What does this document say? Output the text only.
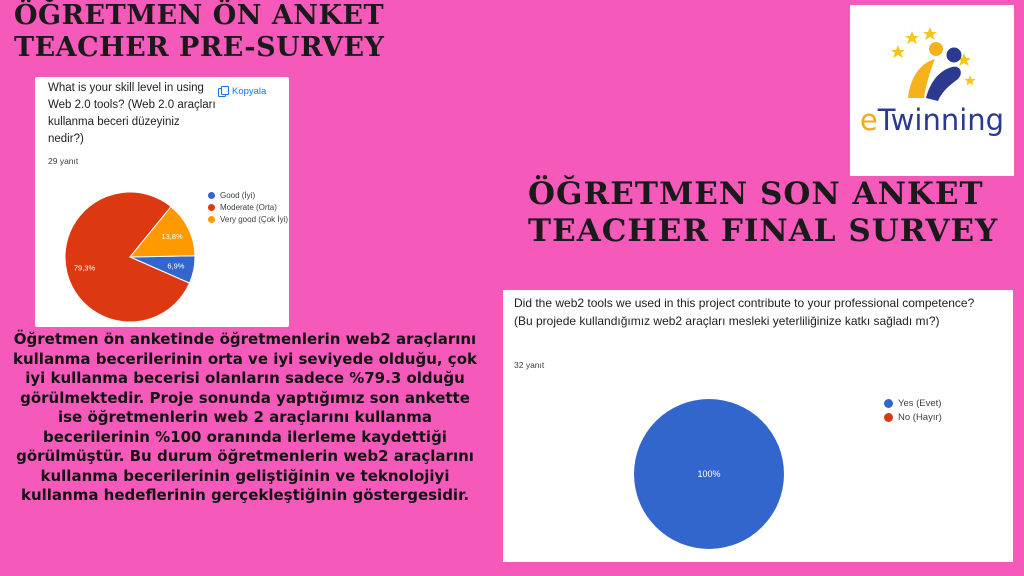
ÖĞRETMEN ÖN ANKET
TEACHER PRE-SURVEY

What is your skill level in using Web 2.0 tools? (Web 2.0 araçları kullanma beceri düzeyiniz nedir?)

Kopyala
29 yanıt
6,9%
79,3%
13,8%
Good (İyi)
Moderate (Orta)
Very good (Çok İyi)

Öğretmen ön anketinde öğretmenlerin web2 araçlarını kullanma becerilerinin orta ve iyi seviyede olduğu, çok iyi kullanma becerisi olanların sadece %79.3 olduğu görülmektedir. Proje sonunda yaptığımız son ankette ise öğretmenlerin web 2 araçlarını kullanma becerilerinin %100 oranında ilerleme kaydettiği görülmüştür. Bu durum öğretmenlerin web2 araçlarını kullanma becerilerinin geliştiğinin ve teknolojiyi kullanma hedeflerinin gerçekleştiğinin göstergesidir.

eTwinning
ÖĞRETMEN SON ANKET
TEACHER FINAL SURVEY

Did the web2 tools we used in this project contribute to your professional competence?
(Bu projede kullandığımız web2 araçları mesleki yeterliliğinize katkı sağladı mı?)

32 yanıt
100%
Yes (Evet)
No (Hayır)
